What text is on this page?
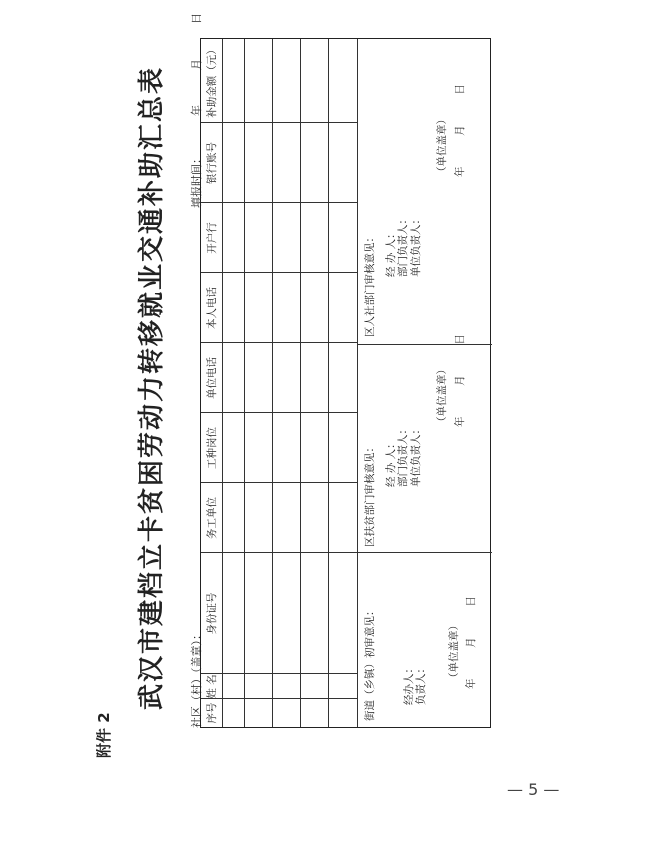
附件 2
武汉市建档立卡贫困劳动力转移就业交通补助汇总表 社区（村）（盖章）：
填报时间：  年  月  日
序号
姓 名
身份证号
务工单位
工种岗位
单位电话
本人电话
开户行
银行账号
补助金额（元）
街道（乡镇）初审意见：	经办人： 负责人：
（单位盖章）
年  月  日
区扶贫部门审核意见： 经 办 人： 部门负责人： 单位负责人：
（单位盖章） 年  月  日
区人社部门审核意见： 经 办 人： 部门负责人： 单位负责人：
（单位盖章） 年  月  日
— 5 —
